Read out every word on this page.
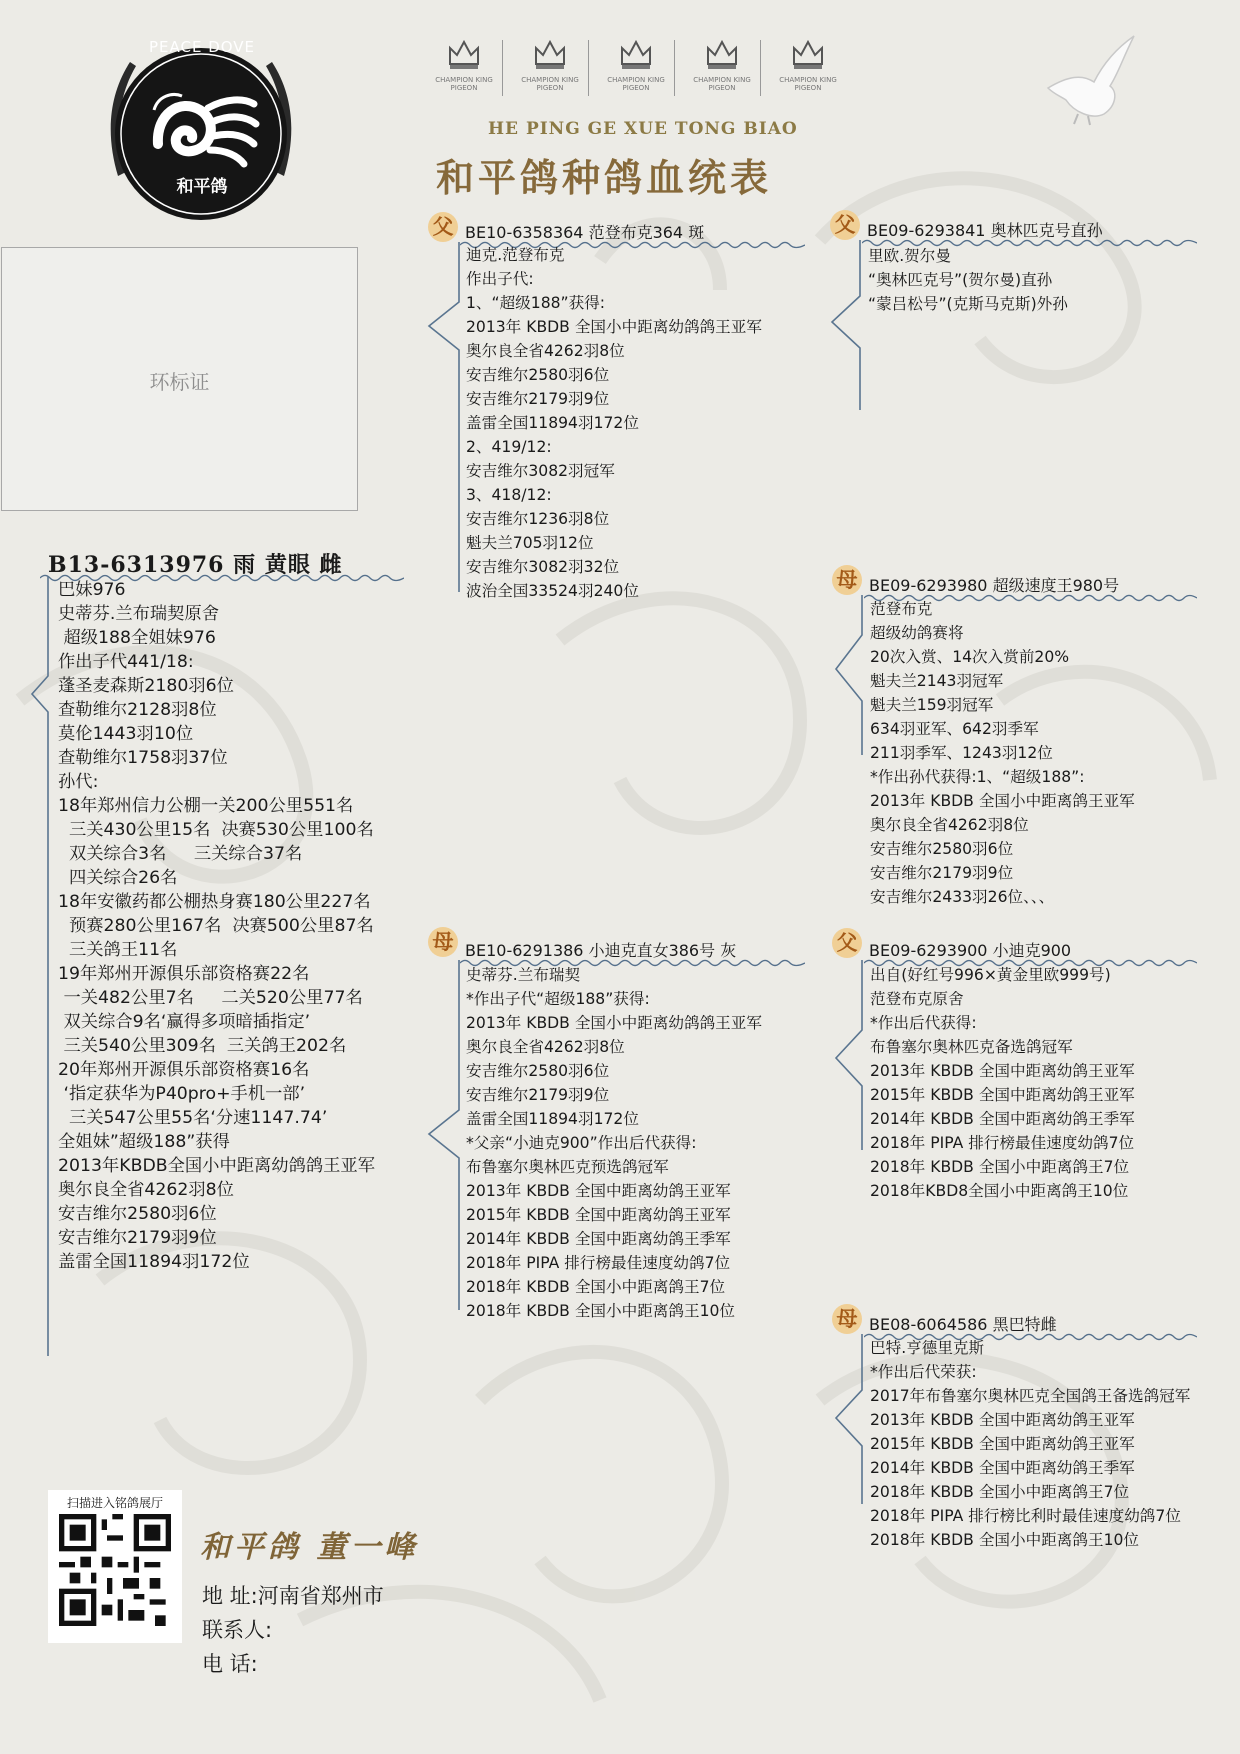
PEACE DOVE
和平鸽
CHAMPION KING PIGEON
CHAMPION KING PIGEON
CHAMPION KING PIGEON
CHAMPION KING PIGEON
CHAMPION KING PIGEON
HE PING GE XUE TONG BIAO
和平鸽种鸽血统表
环标证
B13-6313976 雨 黄眼 雌
巴妹976
史蒂芬.兰布瑞契原舍
超级188全姐妹976
作出子代441/18:
蓬圣麦森斯2180羽6位
查勒维尔2128羽8位
莫伦1443羽10位
查勒维尔1758羽37位
孙代:
18年郑州信力公棚一关200公里551名
三关430公里15名  决赛530公里100名
双关综合3名     三关综合37名
四关综合26名
18年安徽药都公棚热身赛180公里227名
预赛280公里167名  决赛500公里87名
三关鸽王11名
19年郑州开源俱乐部资格赛22名
一关482公里7名     二关520公里77名
双关综合9名‘赢得多项暗插指定’
三关540公里309名  三关鸽王202名
20年郑州开源俱乐部资格赛16名
‘指定获华为P40pro+手机一部’
三关547公里55名‘分速1147.74’
全姐妹”超级188”获得
2013年KBDB全国小中距离幼鸽鸽王亚军
奥尔良全省4262羽8位
安吉维尔2580羽6位
安吉维尔2179羽9位
盖雷全国11894羽172位
父 BE10-6358364 范登布克364 斑
迪克.范登布克
作出子代:
1、“超级188”获得:
2013年 KBDB 全国小中距离幼鸽鸽王亚军
奥尔良全省4262羽8位
安吉维尔2580羽6位
安吉维尔2179羽9位
盖雷全国11894羽172位
2、419/12:
安吉维尔3082羽冠军
3、418/12:
安吉维尔1236羽8位
魁夫兰705羽12位
安吉维尔3082羽32位
波治全国33524羽240位
母 BE10-6291386 小迪克直女386号 灰
史蒂芬.兰布瑞契
*作出子代“超级188”获得:
2013年 KBDB 全国小中距离幼鸽鸽王亚军
奥尔良全省4262羽8位
安吉维尔2580羽6位
安吉维尔2179羽9位
盖雷全国11894羽172位
*父亲“小迪克900”作出后代获得:
布鲁塞尔奥林匹克预选鸽冠军
2013年 KBDB 全国中距离幼鸽王亚军
2015年 KBDB 全国中距离幼鸽王亚军
2014年 KBDB 全国中距离幼鸽王季军
2018年 PIPA 排行榜最佳速度幼鸽7位
2018年 KBDB 全国小中距离鸽王7位
2018年 KBDB 全国小中距离鸽王10位
父 BE09-6293841 奥林匹克号直孙
里欧.贺尔曼
“奥林匹克号”(贺尔曼)直孙
“蒙吕松号”(克斯马克斯)外孙
母 BE09-6293980 超级速度王980号
范登布克
超级幼鸽赛将
20次入赏、14次入赏前20%
魁夫兰2143羽冠军
魁夫兰159羽冠军
634羽亚军、642羽季军
211羽季军、1243羽12位
*作出孙代获得:1、“超级188”:
2013年 KBDB 全国小中距离鸽王亚军
奥尔良全省4262羽8位
安吉维尔2580羽6位
安吉维尔2179羽9位
安吉维尔2433羽26位、、、
父 BE09-6293900 小迪克900
出自(好红号996×黄金里欧999号)
范登布克原舍
*作出后代获得:
布鲁塞尔奥林匹克备选鸽冠军
2013年 KBDB 全国中距离幼鸽王亚军
2015年 KBDB 全国中距离幼鸽王亚军
2014年 KBDB 全国中距离幼鸽王季军
2018年 PIPA 排行榜最佳速度幼鸽7位
2018年 KBDB 全国小中距离鸽王7位
2018年KBD8全国小中距离鸽王10位
母 BE08-6064586 黑巴特雌
巴特.亨德里克斯
*作出后代荣获:
2017年布鲁塞尔奥林匹克全国鸽王备选鸽冠军
2013年 KBDB 全国中距离幼鸽王亚军
2015年 KBDB 全国中距离幼鸽王亚军
2014年 KBDB 全国中距离幼鸽王季军
2018年 KBDB 全国小中距离鸽王7位
2018年 PIPA 排行榜比利时最佳速度幼鸽7位
2018年 KBDB 全国小中距离鸽王10位
扫描进入铭鸽展厅
和平鸽 董一峰
地 址:河南省郑州市
联系人:
电 话:
